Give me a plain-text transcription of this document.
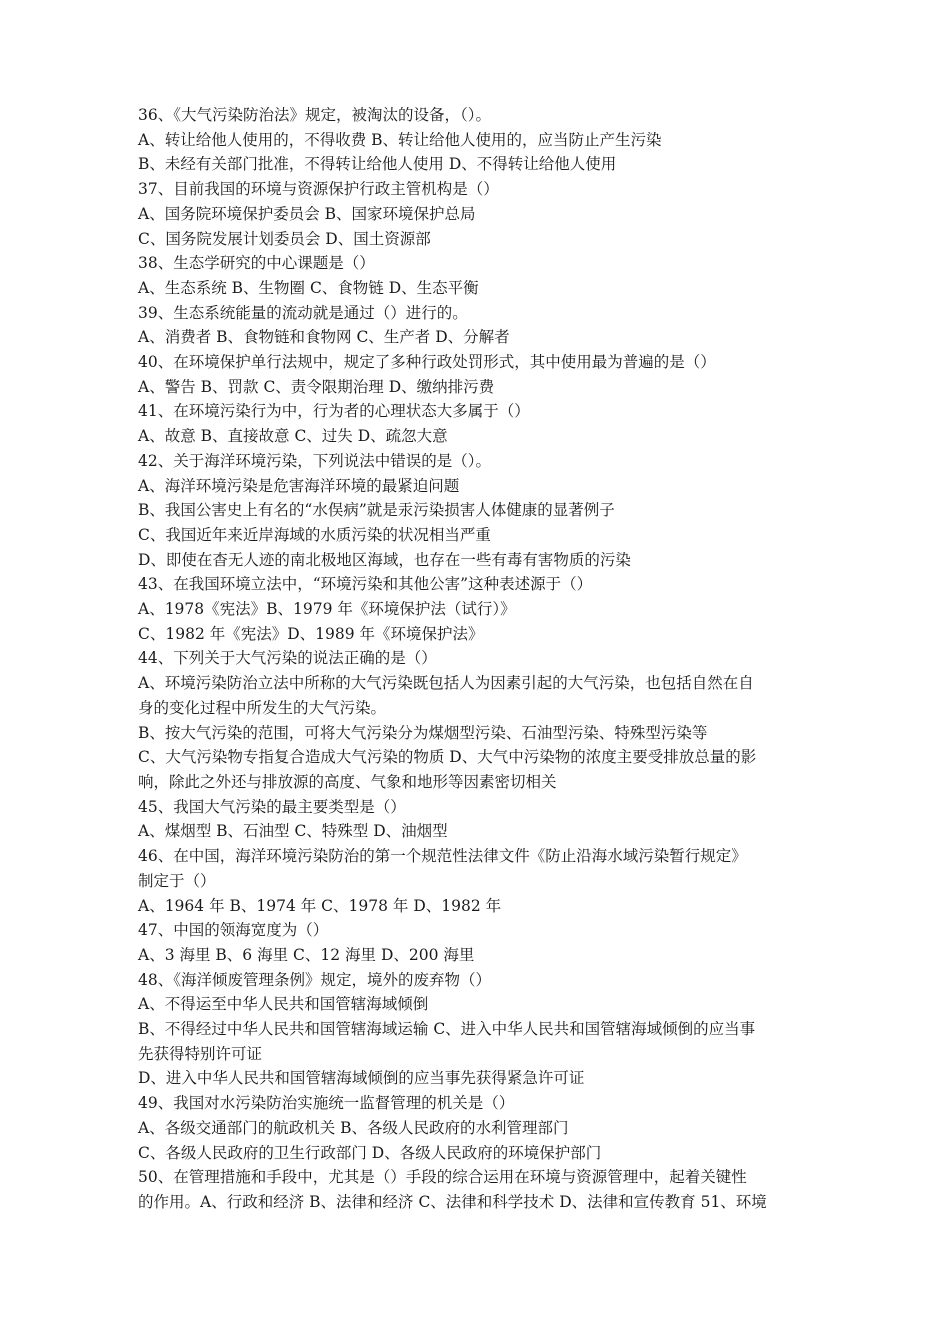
36、《大气污染防治法》规定，被淘汰的设备，（）。
A、转让给他人使用的，不得收费 B、转让给他人使用的，应当防止产生污染
B、未经有关部门批准，不得转让给他人使用 D、不得转让给他人使用
37、目前我国的环境与资源保护行政主管机构是（）
A、国务院环境保护委员会 B、国家环境保护总局
C、国务院发展计划委员会 D、国土资源部
38、生态学研究的中心课题是（）
A、生态系统 B、生物圈 C、食物链 D、生态平衡
39、生态系统能量的流动就是通过（）进行的。
A、消费者 B、食物链和食物网 C、生产者 D、分解者
40、在环境保护单行法规中，规定了多种行政处罚形式，其中使用最为普遍的是（）
A、警告 B、罚款 C、责令限期治理 D、缴纳排污费
41、在环境污染行为中，行为者的心理状态大多属于（）
A、故意 B、直接故意 C、过失 D、疏忽大意
42、关于海洋环境污染，下列说法中错误的是（）。
A、海洋环境污染是危害海洋环境的最紧迫问题
B、我国公害史上有名的“水俣病”就是汞污染损害人体健康的显著例子
C、我国近年来近岸海域的水质污染的状况相当严重
D、即使在杳无人迹的南北极地区海域，也存在一些有毒有害物质的污染
43、在我国环境立法中，“环境污染和其他公害”这种表述源于（）
A、1978《宪法》B、1979 年《环境保护法（试行）》
C、1982 年《宪法》D、1989 年《环境保护法》
44、下列关于大气污染的说法正确的是（）
A、环境污染防治立法中所称的大气污染既包括人为因素引起的大气污染，也包括自然在自
身的变化过程中所发生的大气污染。
B、按大气污染的范围，可将大气污染分为煤烟型污染、石油型污染、特殊型污染等
C、大气污染物专指复合造成大气污染的物质 D、大气中污染物的浓度主要受排放总量的影
响，除此之外还与排放源的高度、气象和地形等因素密切相关
45、我国大气污染的最主要类型是（）
A、煤烟型 B、石油型 C、特殊型 D、油烟型
46、在中国，海洋环境污染防治的第一个规范性法律文件《防止沿海水域污染暂行规定》
制定于（）
A、1964 年 B、1974 年 C、1978 年 D、1982 年
47、中国的领海宽度为（）
A、3 海里 B、6 海里 C、12 海里 D、200 海里
48、《海洋倾废管理条例》规定，境外的废弃物（）
A、不得运至中华人民共和国管辖海域倾倒
B、不得经过中华人民共和国管辖海域运输 C、进入中华人民共和国管辖海域倾倒的应当事
先获得特别许可证
D、进入中华人民共和国管辖海域倾倒的应当事先获得紧急许可证
49、我国对水污染防治实施统一监督管理的机关是（）
A、各级交通部门的航政机关 B、各级人民政府的水利管理部门
C、各级人民政府的卫生行政部门 D、各级人民政府的环境保护部门
50、在管理措施和手段中，尤其是（）手段的综合运用在环境与资源管理中，起着关键性
的作用。A、行政和经济 B、法律和经济 C、法律和科学技术 D、法律和宣传教育 51、环境
